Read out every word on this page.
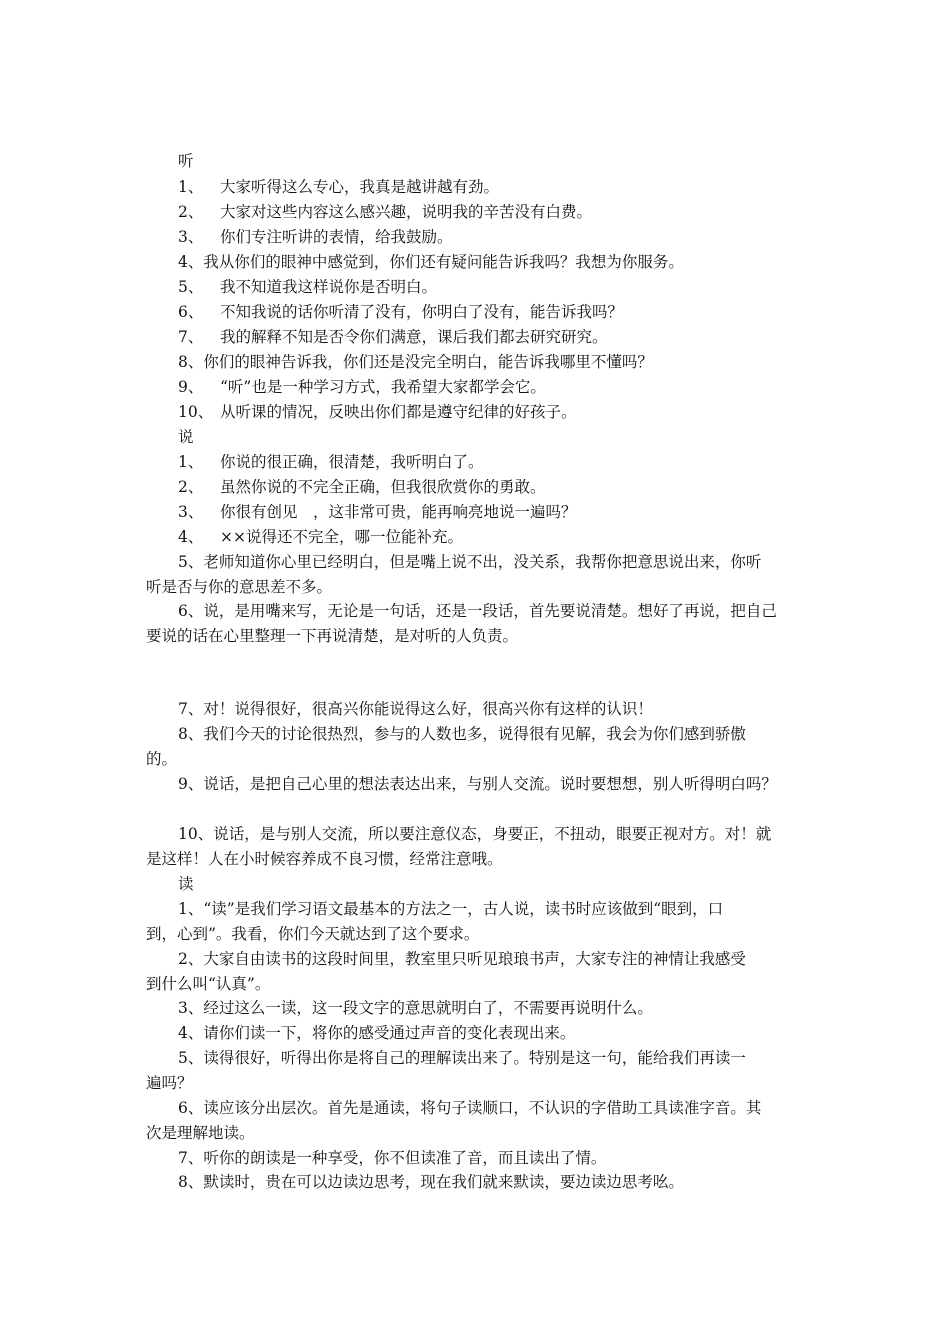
听
1、 大家听得这么专心，我真是越讲越有劲。
2、 大家对这些内容这么感兴趣，说明我的辛苦没有白费。
3、 你们专注听讲的表情，给我鼓励。
4、我从你们的眼神中感觉到，你们还有疑问能告诉我吗？我想为你服务。
5、 我不知道我这样说你是否明白。
6、 不知我说的话你听清了没有，你明白了没有，能告诉我吗？
7、 我的解释不知是否令你们满意，课后我们都去研究研究。
8、你们的眼神告诉我，你们还是没完全明白，能告诉我哪里不懂吗？
9、 “听”也是一种学习方式，我希望大家都学会它。
10、 从听课的情况，反映出你们都是遵守纪律的好孩子。
说
1、 你说的很正确，很清楚，我听明白了。
2、 虽然你说的不完全正确，但我很欣赏你的勇敢。
3、 你很有创见　，这非常可贵，能再响亮地说一遍吗？
4、 ××说得还不完全，哪一位能补充。
5、老师知道你心里已经明白，但是嘴上说不出，没关系，我帮你把意思说出来，你听
听是否与你的意思差不多。
6、说，是用嘴来写，无论是一句话，还是一段话，首先要说清楚。想好了再说，把自己
要说的话在心里整理一下再说清楚，是对听的人负责。
7、对！说得很好，很高兴你能说得这么好，很高兴你有这样的认识！
8、我们今天的讨论很热烈，参与的人数也多，说得很有见解，我会为你们感到骄傲
的。
9、说话，是把自己心里的想法表达出来，与别人交流。说时要想想，别人听得明白吗？
10、说话，是与别人交流，所以要注意仪态，身要正，不扭动，眼要正视对方。对！就
是这样！人在小时候容养成不良习惯，经常注意哦。
读
1、“读”是我们学习语文最基本的方法之一，古人说，读书时应该做到“眼到，口
到，心到”。我看，你们今天就达到了这个要求。
2、大家自由读书的这段时间里，教室里只听见琅琅书声，大家专注的神情让我感受
到什么叫“认真”。
3、经过这么一读，这一段文字的意思就明白了，不需要再说明什么。
4、请你们读一下，将你的感受通过声音的变化表现出来。
5、读得很好，听得出你是将自己的理解读出来了。特别是这一句，能给我们再读一
遍吗？
6、读应该分出层次。首先是通读，将句子读顺口，不认识的字借助工具读准字音。其
次是理解地读。
7、听你的朗读是一种享受，你不但读准了音，而且读出了情。
8、默读时，贵在可以边读边思考，现在我们就来默读，要边读边思考吆。
